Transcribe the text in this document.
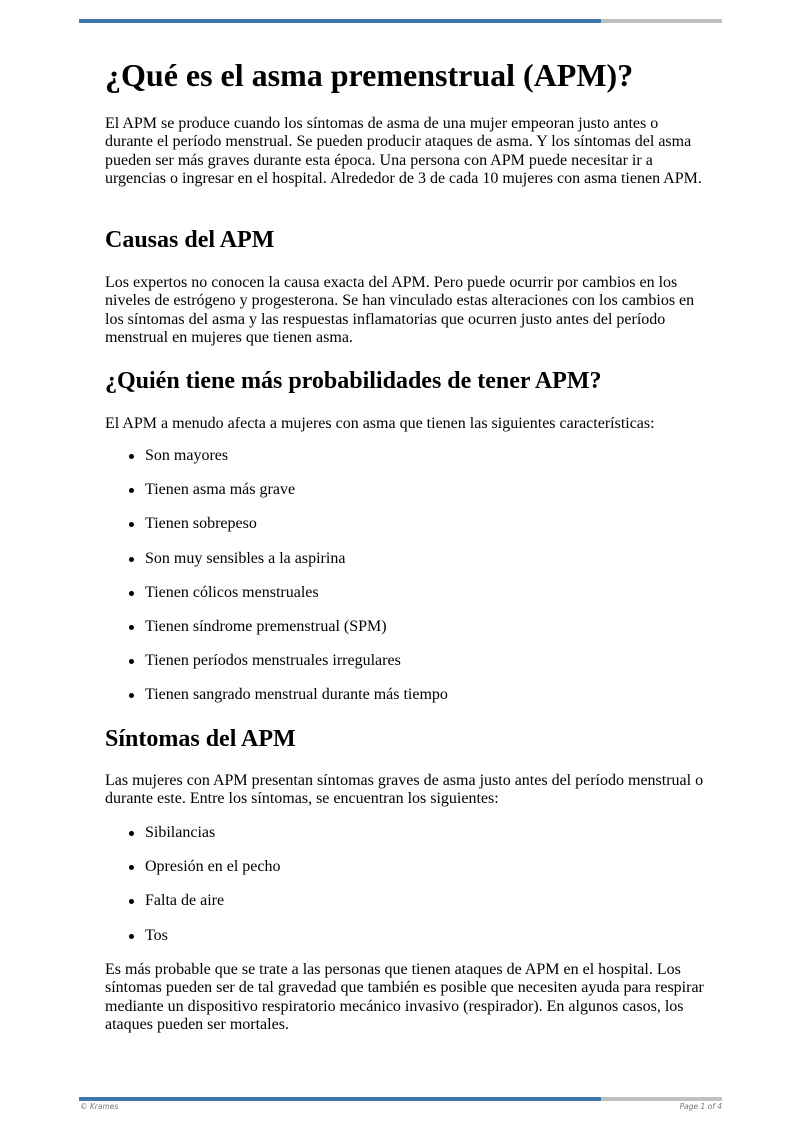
¿Qué es el asma premenstrual (APM)?

El APM se produce cuando los síntomas de asma de una mujer empeoran justo antes o durante el período menstrual. Se pueden producir ataques de asma. Y los síntomas del asma pueden ser más graves durante esta época. Una persona con APM puede necesitar ir a urgencias o ingresar en el hospital. Alrededor de 3 de cada 10 mujeres con asma tienen APM.

Causas del APM

Los expertos no conocen la causa exacta del APM. Pero puede ocurrir por cambios en los niveles de estrógeno y progesterona. Se han vinculado estas alteraciones con los cambios en los síntomas del asma y las respuestas inflamatorias que ocurren justo antes del período menstrual en mujeres que tienen asma.

¿Quién tiene más probabilidades de tener APM?

El APM a menudo afecta a mujeres con asma que tienen las siguientes características:

Son mayores
Tienen asma más grave
Tienen sobrepeso
Son muy sensibles a la aspirina
Tienen cólicos menstruales
Tienen síndrome premenstrual (SPM)
Tienen períodos menstruales irregulares
Tienen sangrado menstrual durante más tiempo
Síntomas del APM

Las mujeres con APM presentan síntomas graves de asma justo antes del período menstrual o durante este. Entre los síntomas, se encuentran los siguientes:

Sibilancias
Opresión en el pecho
Falta de aire
Tos

Es más probable que se trate a las personas que tienen ataques de APM en el hospital. Los síntomas pueden ser de tal gravedad que también es posible que necesiten ayuda para respirar mediante un dispositivo respiratorio mecánico invasivo (respirador). En algunos casos, los ataques pueden ser mortales.

© Krames	Page 1 of 4
